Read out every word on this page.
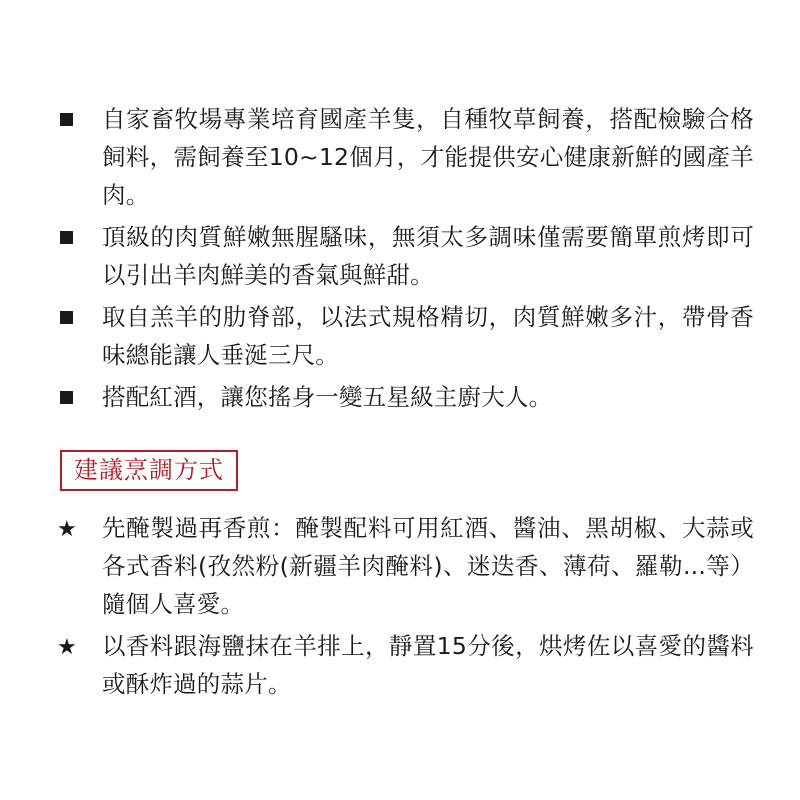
自家畜牧場專業培育國產羊隻，自種牧草飼養，搭配檢驗合格飼料，需飼養至10~12個月，才能提供安心健康新鮮的國產羊肉。
頂級的肉質鮮嫩無腥騷味，無須太多調味僅需要簡單煎烤即可以引出羊肉鮮美的香氣與鮮甜。
取自羔羊的肋脊部，以法式規格精切，肉質鮮嫩多汁，帶骨香味總能讓人垂涎三尺。
搭配紅酒，讓您搖身一變五星級主廚大人。
建議烹調方式
★	先醃製過再香煎：醃製配料可用紅酒、醬油、黑胡椒、大蒜或各式香料(孜然粉(新疆羊肉醃料)、迷迭香、薄荷、羅勒...等）隨個人喜愛。
★	以香料跟海鹽抹在羊排上，靜置15分後，烘烤佐以喜愛的醬料或酥炸過的蒜片。
